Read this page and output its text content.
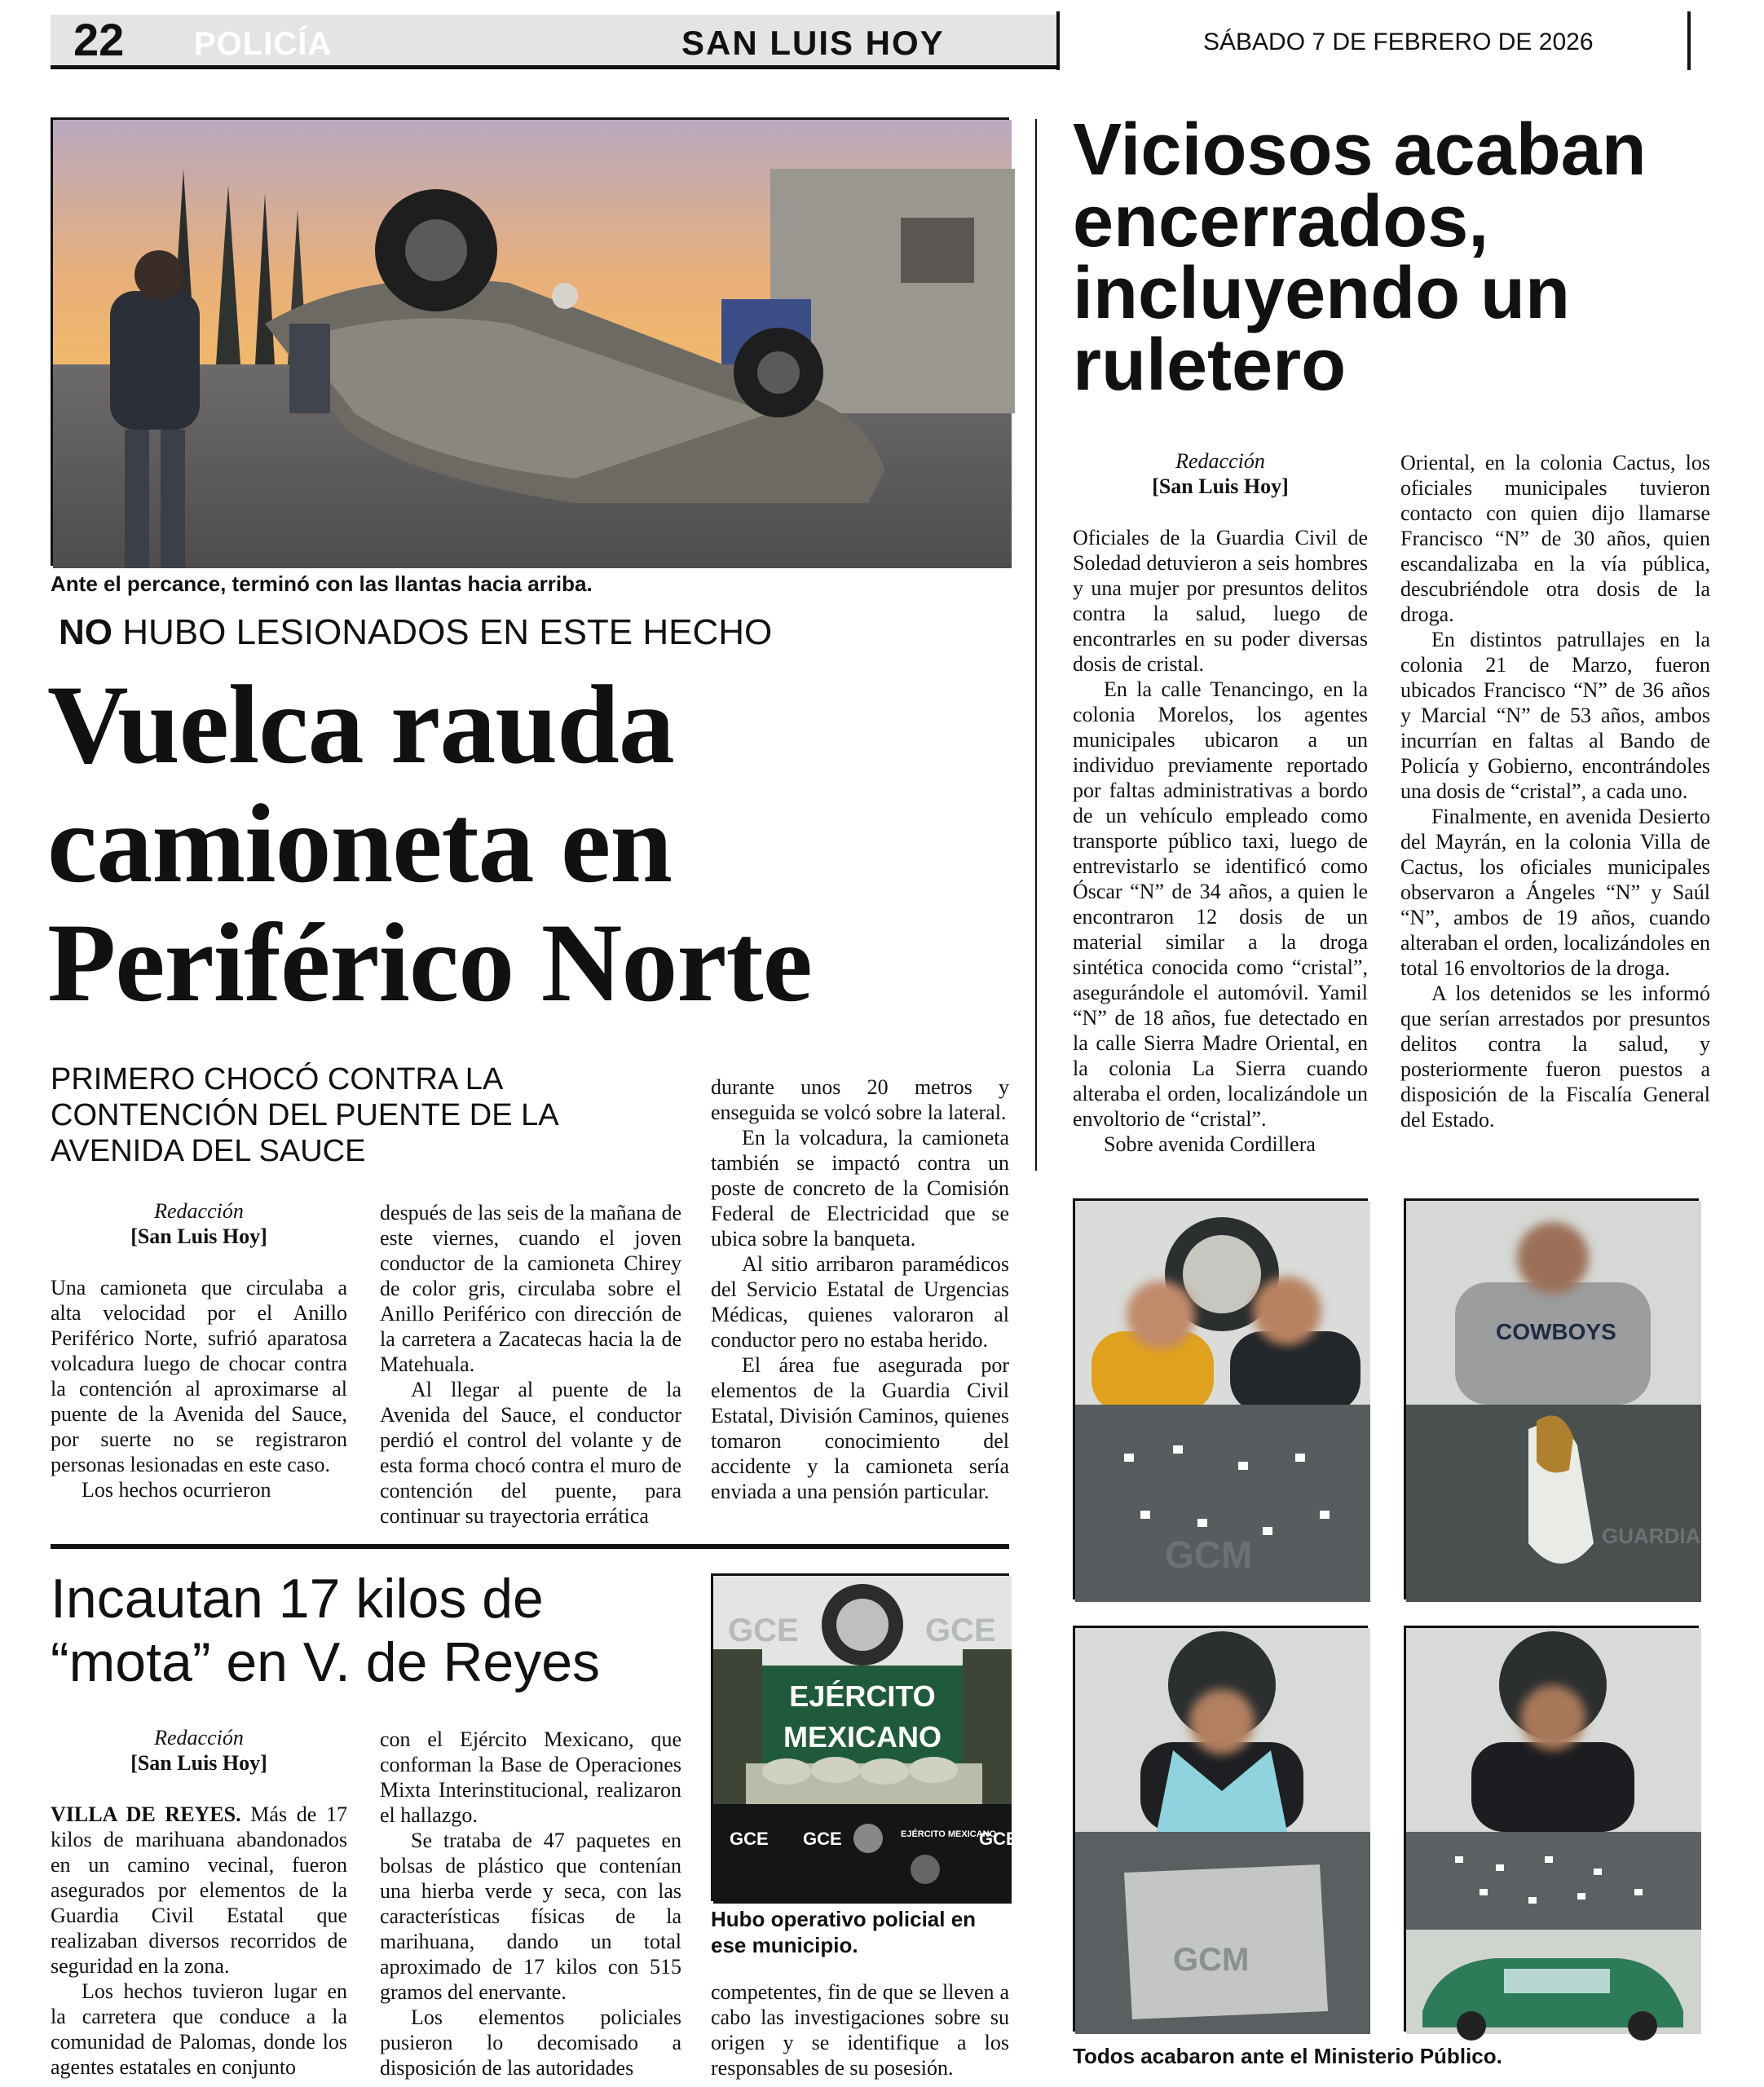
22 POLICÍA	SAN LUIS HOY	SÁBADO 7 DE FEBRERO DE 2026
Ante el percance, terminó con las llantas hacia arriba.
NO HUBO LESIONADOS EN ESTE HECHO
Vuelca rauda
camioneta en
Periférico Norte
PRIMERO CHOCÓ CONTRA LA
CONTENCIÓN DEL PUENTE DE LA
AVENIDA DEL SAUCE
Redacción
[San Luis Hoy]

Una camioneta que circulaba a alta velocidad por el Anillo Periférico Norte, sufrió aparatosa volcadura luego de chocar contra la contención al aproximarse al puente de la Avenida del Sauce, por suerte no se registraron personas lesionadas en este caso.

Los hechos ocurrieron

después de las seis de la mañana de este viernes, cuando el joven conductor de la camioneta Chirey de color gris, circulaba sobre el Anillo Periférico con dirección de la carretera a Zacatecas hacia la de Matehuala.

Al llegar al puente de la Avenida del Sauce, el conductor perdió el control del volante y de esta forma chocó contra el muro de contención del puente, para continuar su trayectoria errática

durante unos 20 metros y enseguida se volcó sobre la lateral.

En la volcadura, la camioneta también se impactó contra un poste de concreto de la Comisión Federal de Electricidad que se ubica sobre la banqueta.

Al sitio arribaron paramédicos del Servicio Estatal de Urgencias Médicas, quienes valoraron al conductor pero no estaba herido.

El área fue asegurada por elementos de la Guardia Civil Estatal, División Caminos, quienes tomaron conocimiento del accidente y la camioneta sería enviada a una pensión particular.

Viciosos acaban
encerrados,
incluyendo un
ruletero
Redacción
[San Luis Hoy]

Oficiales de la Guardia Civil de Soledad detuvieron a seis hombres y una mujer por presuntos delitos contra la salud, luego de encontrarles en su poder diversas dosis de cristal.

En la calle Tenancingo, en la colonia Morelos, los agentes municipales ubicaron a un individuo previamente reportado por faltas administrativas a bordo de un vehículo empleado como transporte público taxi, luego de entrevistarlo se identificó como Óscar “N” de 34 años, a quien le encontraron 12 dosis de un material similar a la droga sintética conocida como “cristal”, asegurándole el automóvil. Yamil “N” de 18 años, fue detectado en la calle Sierra Madre Oriental, en la colonia La Sierra cuando alteraba el orden, localizándole un envoltorio de “cristal”.

Sobre avenida Cordillera

Oriental, en la colonia Cactus, los oficiales municipales tuvieron contacto con quien dijo llamarse Francisco “N” de 30 años, quien escandalizaba en la vía pública, descubriéndole otra dosis de la droga.

En distintos patrullajes en la colonia 21 de Marzo, fueron ubicados Francisco “N” de 36 años y Marcial “N” de 53 años, ambos incurrían en faltas al Bando de Policía y Gobierno, encontrándoles una dosis de “cristal”, a cada uno.

Finalmente, en avenida Desierto del Mayrán, en la colonia Villa de Cactus, los oficiales municipales observaron a Ángeles “N” y Saúl “N”, ambos de 19 años, cuando alteraban el orden, localizándoles en total 16 envoltorios de la droga.

A los detenidos se les informó que serían arrestados por presuntos delitos contra la salud, y posteriormente fueron puestos a disposición de la Fiscalía General del Estado.

GCM
COWBOYS
GUARDIA
GCM
Todos acabaron ante el Ministerio Público.
Incautan 17 kilos de
“mota” en V. de Reyes
Redacción
[San Luis Hoy]

VILLA DE REYES. Más de 17 kilos de marihuana abandonados en un camino vecinal, fueron asegurados por elementos de la Guardia Civil Estatal que realizaban diversos recorridos de seguridad en la zona.

Los hechos tuvieron lugar en la carretera que conduce a la comunidad de Palomas, donde los agentes estatales en conjunto

con el Ejército Mexicano, que conforman la Base de Operaciones Mixta Interinstitucional, realizaron el hallazgo.

Se trataba de 47 paquetes en bolsas de plástico que contenían una hierba verde y seca, con las características físicas de la marihuana, dando un total aproximado de 17 kilos con 515 gramos del enervante.

Los elementos policiales pusieron lo decomisado a disposición de las autoridades

GCE	GCE
EJÉRCITO
MEXICANO
GCE GCE	EJÉRCITO MEXICANO
GCE
Hubo operativo policial en
ese municipio.

competentes, fin de que se lleven a cabo las investigaciones sobre su origen y se identifique a los responsables de su posesión.
